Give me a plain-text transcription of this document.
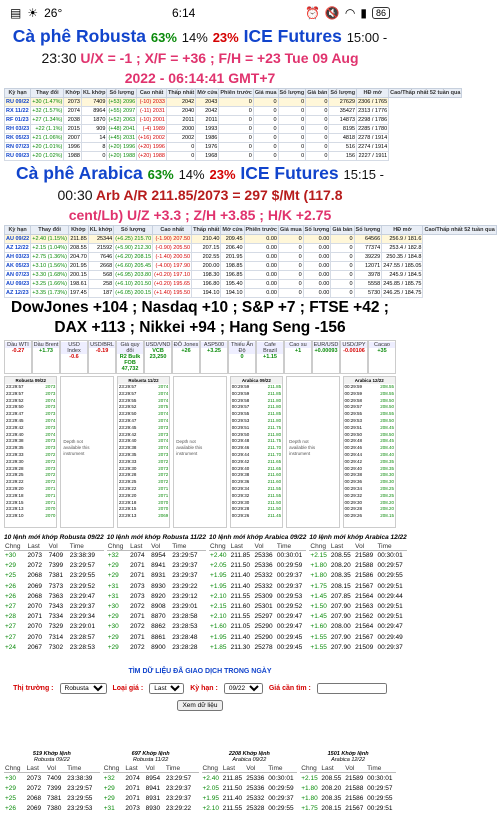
▤ ☀ 26°	6:14	⏰ 🔇 ◠ ▮	86
Cà phê Robusta 63% 14% 23% ICE Futures 15:00 -
23:30 U/X = -1 ; X/F = +36 ; F/H = +23 Tue 09 Aug
2022 - 06:14:41 GMT+7
Kỳ hạn	Thay đổi	Khớp	KL khớp	Số lượng	Cao nhất	Thấp nhất	Mở cửa	Phiên trước	Giá mua	Số lượng	Giá bán	Số lượng	HĐ mở	Cao/Thấp nhất 52 tuần qua
RU 09/22	+30 (1.47%)	2073	7409	(+53) 2096	(-10) 2033	2042	2043	0	0	0	0	27629	2306 / 1765	
RX 11/22	+32 (1.57%)	2074	8964	(+55) 2097	(-11) 2031	2040	2042	0	0	0	0	35427	2313 / 1776	
RF 01/23	+27 (1.34%)	2038	1870	(+52) 2063	(-10) 2001	2011	2011	0	0	0	0	14873	2298 / 1786	
RH 03/23	+22 (1.1%)	2015	909	(+48) 2041	(-4) 1989	2000	1993	0	0	0	0	8195	2285 / 1780	
RK 05/23	+21 (1.06%)	2007	14	(+45) 2031	(+16) 2002	2002	1986	0	0	0	0	4818	2278 / 1914	
RN 07/23	+20 (1.01%)	1996	8	(+20) 1996	(+20) 1996	0	1976	0	0	0	0	516	2274 / 1914	
RU 09/23	+20 (1.02%)	1988	0	(+20) 1988	(+20) 1988	0	1968	0	0	0	0	156	2227 / 1911	
Cà phê Arabica 63% 14% 23% ICE Futures 15:15 -
00:30 Arb A/R 211.85/2073 = 297 $/Mt (117.8
cent/Lb) U/Z +3.3 ; Z/H +3.85 ; H/K +2.75
Kỳ hạn	Thay đổi	Khớp	KL khớp	Số lượng	Cao nhất	Thấp nhất	Mở cửa	Phiên trước	Giá mua	Số lượng	Giá bán	Số lượng	HĐ mở	Cao/Thấp nhất 52 tuần qua
AU 09/22	+2.40 (1.15%)	211.85	25344	(+6.25) 215.70	(-1.90) 207.50	210.40	209.45	0.00	0	0.00	0	64566	256.9 / 181.6	
AZ 12/22	+2.15 (1.04%)	208.55	21592	(+5.90) 212.30	(-0.90) 205.50	207.15	206.40	0.00	0	0.00	0	77374	253.4 / 182.8	
AH 03/23	+2.75 (1.36%)	204.70	7646	(+6.20) 208.15	(-1.40) 200.50	202.55	201.95	0.00	0	0.00	0	39229	250.35 / 184.8	
AK 05/23	+3.10 (1.56%)	201.95	2668	(+6.60) 205.45	(-4.00) 197.90	200.00	198.85	0.00	0	0.00	0	12071	247.55 / 185.05	
AN 07/23	+3.30 (1.68%)	200.15	568	(+6.95) 203.80	(+0.20) 197.10	198.30	196.85	0.00	0	0.00	0	3978	245.9 / 184.5	
AU 09/23	+3.25 (1.66%)	198.61	258	(+6.10) 201.50	(+0.20) 195.65	196.80	195.40	0.00	0	0.00	0	5558	245.85 / 185.75	
AZ 12/23	+3.35 (1.73%)	197.45	187	(+6.05) 200.15	(+1.40) 195.50	194.10	194.10	0.00	0	0.00	0	5730	246.25 / 184.75	
DowJones +104 ; Nasdaq +10 ; S&P +7 ; FTSE +42 ; DAX +113 ; Nikkei +94 ; Hang Seng -156
Dầu WTI
-0.27
Dầu Brent
+1.73
USD Index
-0.6
USD/BRL
-0.19
Giá quy đổi
R2 Bulk FOB 47,732
USD/VND
VCB 23,250
ĐÔ Jones
+26
ASP500
+3.25
Thiếu Ấn Độ
0
Cafe Brazil
+1.15
Cao su
+1
EUR/USD
+0.00093
USD/JPY
-0.00106
Cacao
+35
Robusta 09/22
23:29:57	2073
23:29:57	2073
23:29:52	2074
23:29:50	2073
23:29:47	2073
23:29:45	2074
23:29:42	2073
23:29:40	2074
23:29:38	2073
23:29:35	2073
23:29:33	2072
23:29:30	2072
23:29:28	2073
23:29:25	2072
23:29:22	2072
23:29:20	2071
23:29:18	2071
23:29:15	2071
23:29:13	2070
23:29:10	2070
Depth not available this instrument
Robusta 11/22
23:29:57	2074
23:29:57	2074
23:29:55	2074
23:29:52	2075
23:29:50	2074
23:29:47	2074
23:29:45	2073
23:29:42	2073
23:29:40	2074
23:29:38	2074
23:29:35	2073
23:29:33	2072
23:29:30	2073
23:29:28	2072
23:29:25	2072
23:29:22	2071
23:29:20	2071
23:29:18	2070
23:29:15	2070
23:29:13	2069
Depth not available this instrument
Arabica 09/22
00:29:59	211.85
00:29:59	211.85
00:29:58	211.80
00:29:57	211.80
00:29:55	211.85
00:29:53	211.80
00:29:51	211.75
00:29:50	211.80
00:29:48	211.75
00:29:46	211.70
00:29:44	211.70
00:29:42	211.65
00:29:40	211.65
00:29:38	211.60
00:29:36	211.60
00:29:34	211.55
00:29:32	211.55
00:29:30	211.50
00:29:28	211.50
00:29:26	211.45
Depth not available this instrument
Arabica 12/22
00:29:59	208.55
00:29:59	208.55
00:29:58	208.50
00:29:57	208.50
00:29:55	208.55
00:29:53	208.50
00:29:51	208.45
00:29:50	208.50
00:29:48	208.45
00:29:46	208.40
00:29:44	208.40
00:29:42	208.35
00:29:40	208.35
00:29:38	208.30
00:29:36	208.30
00:29:34	208.25
00:29:32	208.25
00:29:30	208.20
00:29:28	208.20
00:29:26	208.15
10 lệnh mới khớp Robusta 09/22
Chng	Last	Vol	Time
+30	2073	7409	23:38:39
+29	2072	7399	23:29:57
+25	2068	7381	23:29:55
+26	2069	7373	23:29:52
+26	2068	7363	23:29:47
+27	2070	7343	23:29:37
+28	2071	7334	23:29:34
+27	2070	7329	23:29:01
+27	2070	7314	23:28:57
+24	2067	7302	23:28:53
10 lệnh mới khớp Robusta 11/22
Chng	Last	Vol	Time
+32	2074	8954	23:29:57
+29	2071	8941	23:29:37
+29	2071	8931	23:29:37
+31	2073	8930	23:29:22
+31	2073	8920	23:29:12
+30	2072	8908	23:29:01
+29	2071	8870	23:28:58
+30	2072	8862	23:28:53
+29	2071	8861	23:28:48
+29	2072	8900	23:28:28
10 lệnh mới khớp Arabica 09/22
Chng	Last	Vol	Time
+2.40	211.85	25336	00:30:01
+2.05	211.50	25336	00:29:59
+1.95	211.40	25332	00:29:37
+1.95	211.40	25332	00:29:37
+2.10	211.55	25309	00:29:53
+2.15	211.60	25301	00:29:52
+2.10	211.55	25297	00:29:47
+1.60	211.05	25290	00:29:47
+1.95	211.40	25290	00:29:45
+1.85	211.30	25278	00:29:45
10 lệnh mới khớp Arabica 12/22
Chng	Last	Vol	Time
+2.15	208.55	21589	00:30:01
+1.80	208.20	21588	00:29:57
+1.80	208.35	21586	00:29:55
+1.75	208.15	21567	00:29:51
+1.45	207.85	21564	00:29:44
+1.50	207.90	21563	00:29:51
+1.45	207.90	21562	00:29:51
+1.60	208.00	21564	00:29:47
+1.55	207.90	21567	00:29:49
+1.55	207.90	21509	00:29:37
TÌM DỮ LIỆU ĐÃ GIAO DỊCH TRONG NGÀY
Thị trường :
Robusta	Loại giá :
Last	Kỳ hạn :
09/22	Giá cần tìm :
Xem dữ liệu
519 Khớp lệnh
Robusta 09/22
Chng	Last	Vol	Time
+30	2073	7409	23:38:39
+29	2072	7399	23:29:57
+25	2068	7381	23:29:55
+26	2069	7380	23:29:53
697 Khớp lệnh
Robusta 11/22
Chng	Last	Vol	Time
+32	2074	8954	23:29:57
+29	2071	8941	23:29:37
+29	2071	8931	23:29:37
+31	2073	8930	23:29:22
2208 Khớp lệnh
Arabica 09/22
Chng	Last	Vol	Time
+2.40	211.85	25336	00:30:01
+2.05	211.50	25336	00:29:59
+1.95	211.40	25332	00:29:37
+2.10	211.55	25328	00:29:55
1501 Khớp lệnh
Arabica 12/22
Chng	Last	Vol	Time
+2.15	208.55	21589	00:30:01
+1.80	208.20	21588	00:29:57
+1.80	208.35	21586	00:29:55
+1.75	208.15	21567	00:29:51
